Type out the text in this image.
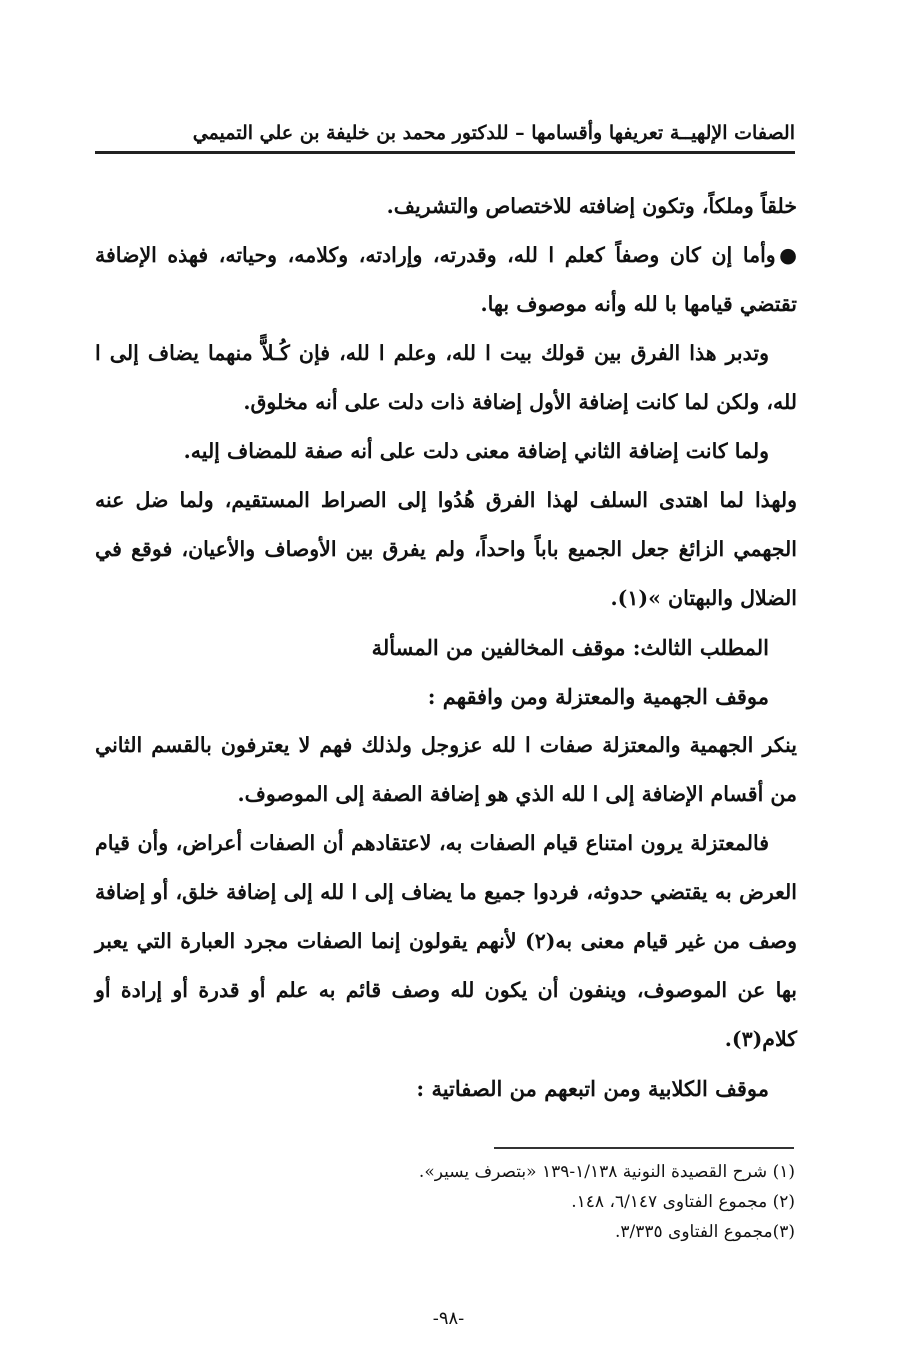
الصفات الإلهيــة تعريفها وأقسامها – للدكتور محمد بن خليفة بن علي التميمي

خلقاً وملكاً، وتكون إضافته للاختصاص والتشريف.

●وأما إن كان وصفاً كعلم ا لله، وقدرته، وإرادته، وكلامه، وحياته، فهذه الإضافة تقتضي قيامها با لله وأنه موصوف بها.

وتدبر هذا الفرق بين قولك بيت ا لله، وعلم ا لله، فإن كُـلاًّ منهما يضاف إلى ا لله، ولكن لما كانت إضافة الأول إضافة ذات دلت على أنه مخلوق.

ولما كانت إضافة الثاني إضافة معنى دلت على أنه صفة للمضاف إليه.

ولهذا لما اهتدى السلف لهذا الفرق هُدُوا إلى الصراط المستقيم، ولما ضل عنه الجهمي الزائغ جعل الجميع باباً واحداً، ولم يفرق بين الأوصاف والأعيان، فوقع في الضلال والبهتان »(١).

المطلب الثالث: موقف المخالفين من المسألة

موقف الجهمية والمعتزلة ومن وافقهم :

ينكر الجهمية والمعتزلة صفات ا لله عزوجل ولذلك فهم لا يعترفون بالقسم الثاني من أقسام الإضافة إلى ا لله الذي هو إضافة الصفة إلى الموصوف.

فالمعتزلة يرون امتناع قيام الصفات به، لاعتقادهم أن الصفات أعراض، وأن قيام العرض به يقتضي حدوثه، فردوا جميع ما يضاف إلى ا لله إلى إضافة خلق، أو إضافة وصف من غير قيام معنى به(٢) لأنهم يقولون إنما الصفات مجرد العبارة التي يعبر بها عن الموصوف، وينفون أن يكون لله وصف قائم به علم أو قدرة أو إرادة أو كلام(٣).

موقف الكلابية ومن اتبعهم من الصفاتية :

(١) شرح القصيدة النونية ١/١٣٨-١٣٩ «بتصرف يسير».
(٢) مجموع الفتاوى ٦/١٤٧، ١٤٨.
(٣)مجموع الفتاوى ٣/٣٣٥.
-٩٨-
